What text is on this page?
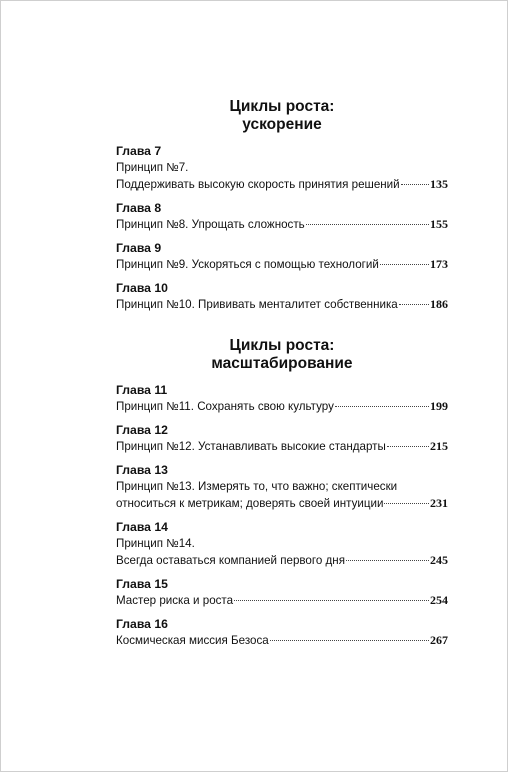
Циклы роста:
ускорение
Глава 7
Принцип №7.
Поддерживать высокую скорость принятия решений	135
Глава 8
Принцип №8. Упрощать сложность	155
Глава 9
Принцип №9. Ускоряться с помощью технологий	173
Глава 10
Принцип №10. Прививать менталитет собственника	186
Циклы роста:
масштабирование
Глава 11
Принцип №11. Сохранять свою культуру	199
Глава 12
Принцип №12. Устанавливать высокие стандарты	215
Глава 13
Принцип №13. Измерять то, что важно; скептически
относиться к метрикам; доверять своей интуиции	231
Глава 14
Принцип №14.
Всегда оставаться компанией первого дня	245
Глава 15
Мастер риска и роста	254
Глава 16
Космическая миссия Безоса	267
